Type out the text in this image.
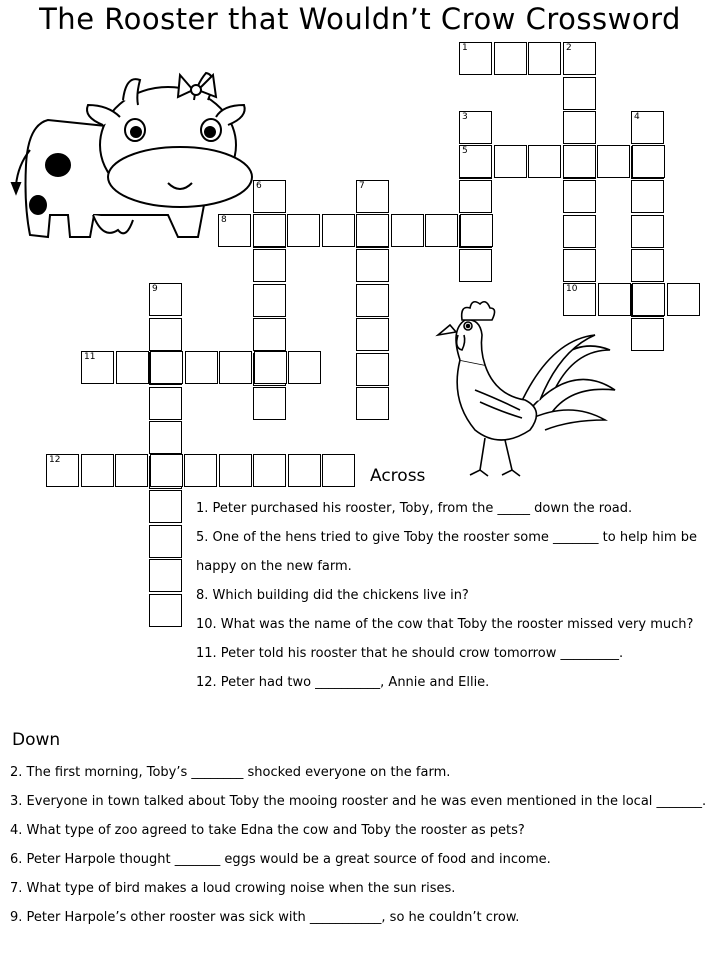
The Rooster that Wouldn’t Crow Crossword
1	2
3	4
5
6	7
8
9	10
11
12
Across
1. Peter purchased his rooster, Toby, from the _____ down the road.
5. One of the hens tried to give Toby the rooster some _______ to help him be happy on the new farm.
8. Which building did the chickens live in?
10. What was the name of the cow that Toby the rooster missed very much?
11. Peter told his rooster that he should crow tomorrow _________.
12. Peter had two __________, Annie and Ellie.
Down
2. The first morning, Toby’s ________ shocked everyone on the farm.
3. Everyone in town talked about Toby the mooing rooster and he was even mentioned in the local _______.
4. What type of zoo agreed to take Edna the cow and Toby the rooster as pets?
6. Peter Harpole thought _______ eggs would be a great source of food and income.
7. What type of bird makes a loud crowing noise when the sun rises.
9. Peter Harpole’s other rooster was sick with ___________, so he couldn’t crow.
